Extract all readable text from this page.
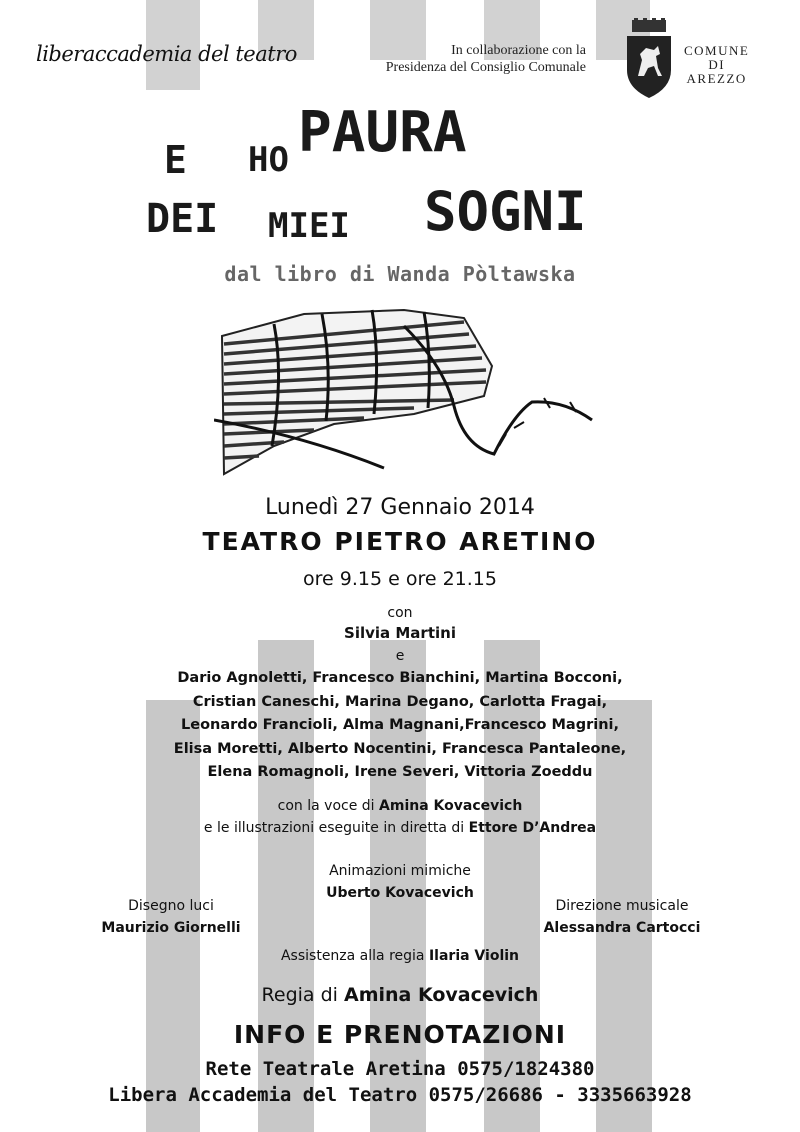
liberaccademia del teatro	In collaborazione con la
Presidenza del Consiglio Comunale
COMUNE
DI
AREZZO
E HO PAURA
DEI MIEI SOGNI
dal libro di Wanda Pòltawska
Lunedì 27 Gennaio 2014
TEATRO PIETRO ARETINO
ore 9.15 e ore 21.15
con
Silvia Martini
e
Dario Agnoletti, Francesco Bianchini, Martina Bocconi,
Cristian Caneschi, Marina Degano, Carlotta Fragai,
Leonardo Francioli, Alma Magnani,Francesco Magrini,
Elisa Moretti, Alberto Nocentini, Francesca Pantaleone,
Elena Romagnoli, Irene Severi, Vittoria Zoeddu
con la voce di Amina Kovacevich
e le illustrazioni eseguite in diretta di Ettore D’Andrea
Animazioni mimiche
Uberto Kovacevich
Disegno luci
Maurizio Giornelli
Direzione musicale
Alessandra Cartocci
Assistenza alla regia Ilaria Violin
Regia di Amina Kovacevich
INFO E PRENOTAZIONI
Rete Teatrale Aretina 0575/1824380
Libera Accademia del Teatro 0575/26686 - 3335663928
